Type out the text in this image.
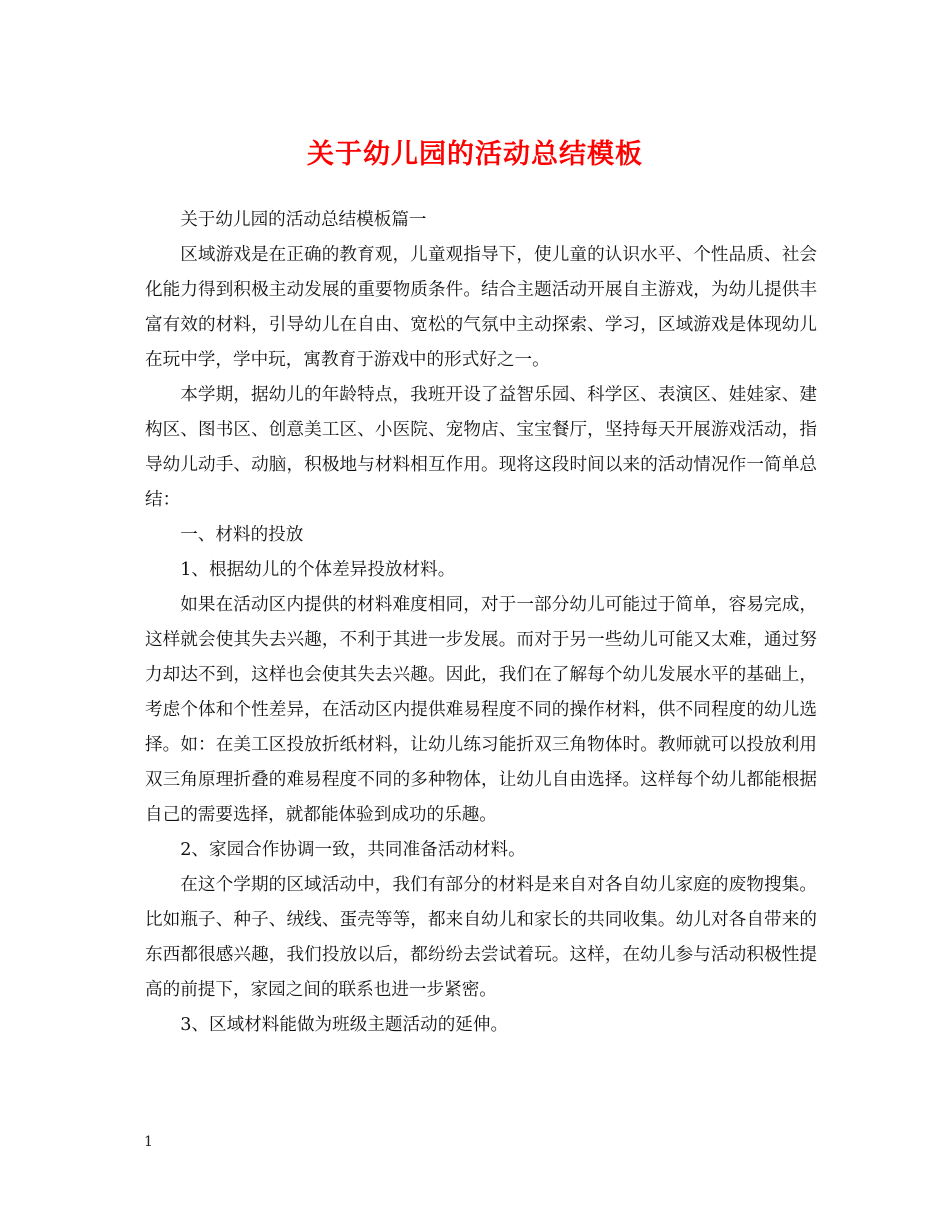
关于幼儿园的活动总结模板

关于幼儿园的活动总结模板篇一

区域游戏是在正确的教育观，儿童观指导下，使儿童的认识水平、个性品质、社会化能力得到积极主动发展的重要物质条件。结合主题活动开展自主游戏，为幼儿提供丰富有效的材料，引导幼儿在自由、宽松的气氛中主动探索、学习，区域游戏是体现幼儿在玩中学，学中玩，寓教育于游戏中的形式好之一。

本学期，据幼儿的年龄特点，我班开设了益智乐园、科学区、表演区、娃娃家、建构区、图书区、创意美工区、小医院、宠物店、宝宝餐厅，坚持每天开展游戏活动，指导幼儿动手、动脑，积极地与材料相互作用。现将这段时间以来的活动情况作一简单总结：

一、材料的投放

1、根据幼儿的个体差异投放材料。

如果在活动区内提供的材料难度相同，对于一部分幼儿可能过于简单，容易完成，这样就会使其失去兴趣，不利于其进一步发展。而对于另一些幼儿可能又太难，通过努力却达不到，这样也会使其失去兴趣。因此，我们在了解每个幼儿发展水平的基础上，考虑个体和个性差异，在活动区内提供难易程度不同的操作材料，供不同程度的幼儿选择。如：在美工区投放折纸材料，让幼儿练习能折双三角物体时。教师就可以投放利用双三角原理折叠的难易程度不同的多种物体，让幼儿自由选择。这样每个幼儿都能根据自己的需要选择，就都能体验到成功的乐趣。

2、家园合作协调一致，共同准备活动材料。

在这个学期的区域活动中，我们有部分的材料是来自对各自幼儿家庭的废物搜集。比如瓶子、种子、绒线、蛋壳等等，都来自幼儿和家长的共同收集。幼儿对各自带来的东西都很感兴趣，我们投放以后，都纷纷去尝试着玩。这样，在幼儿参与活动积极性提高的前提下，家园之间的联系也进一步紧密。

3、区域材料能做为班级主题活动的延伸。

1
